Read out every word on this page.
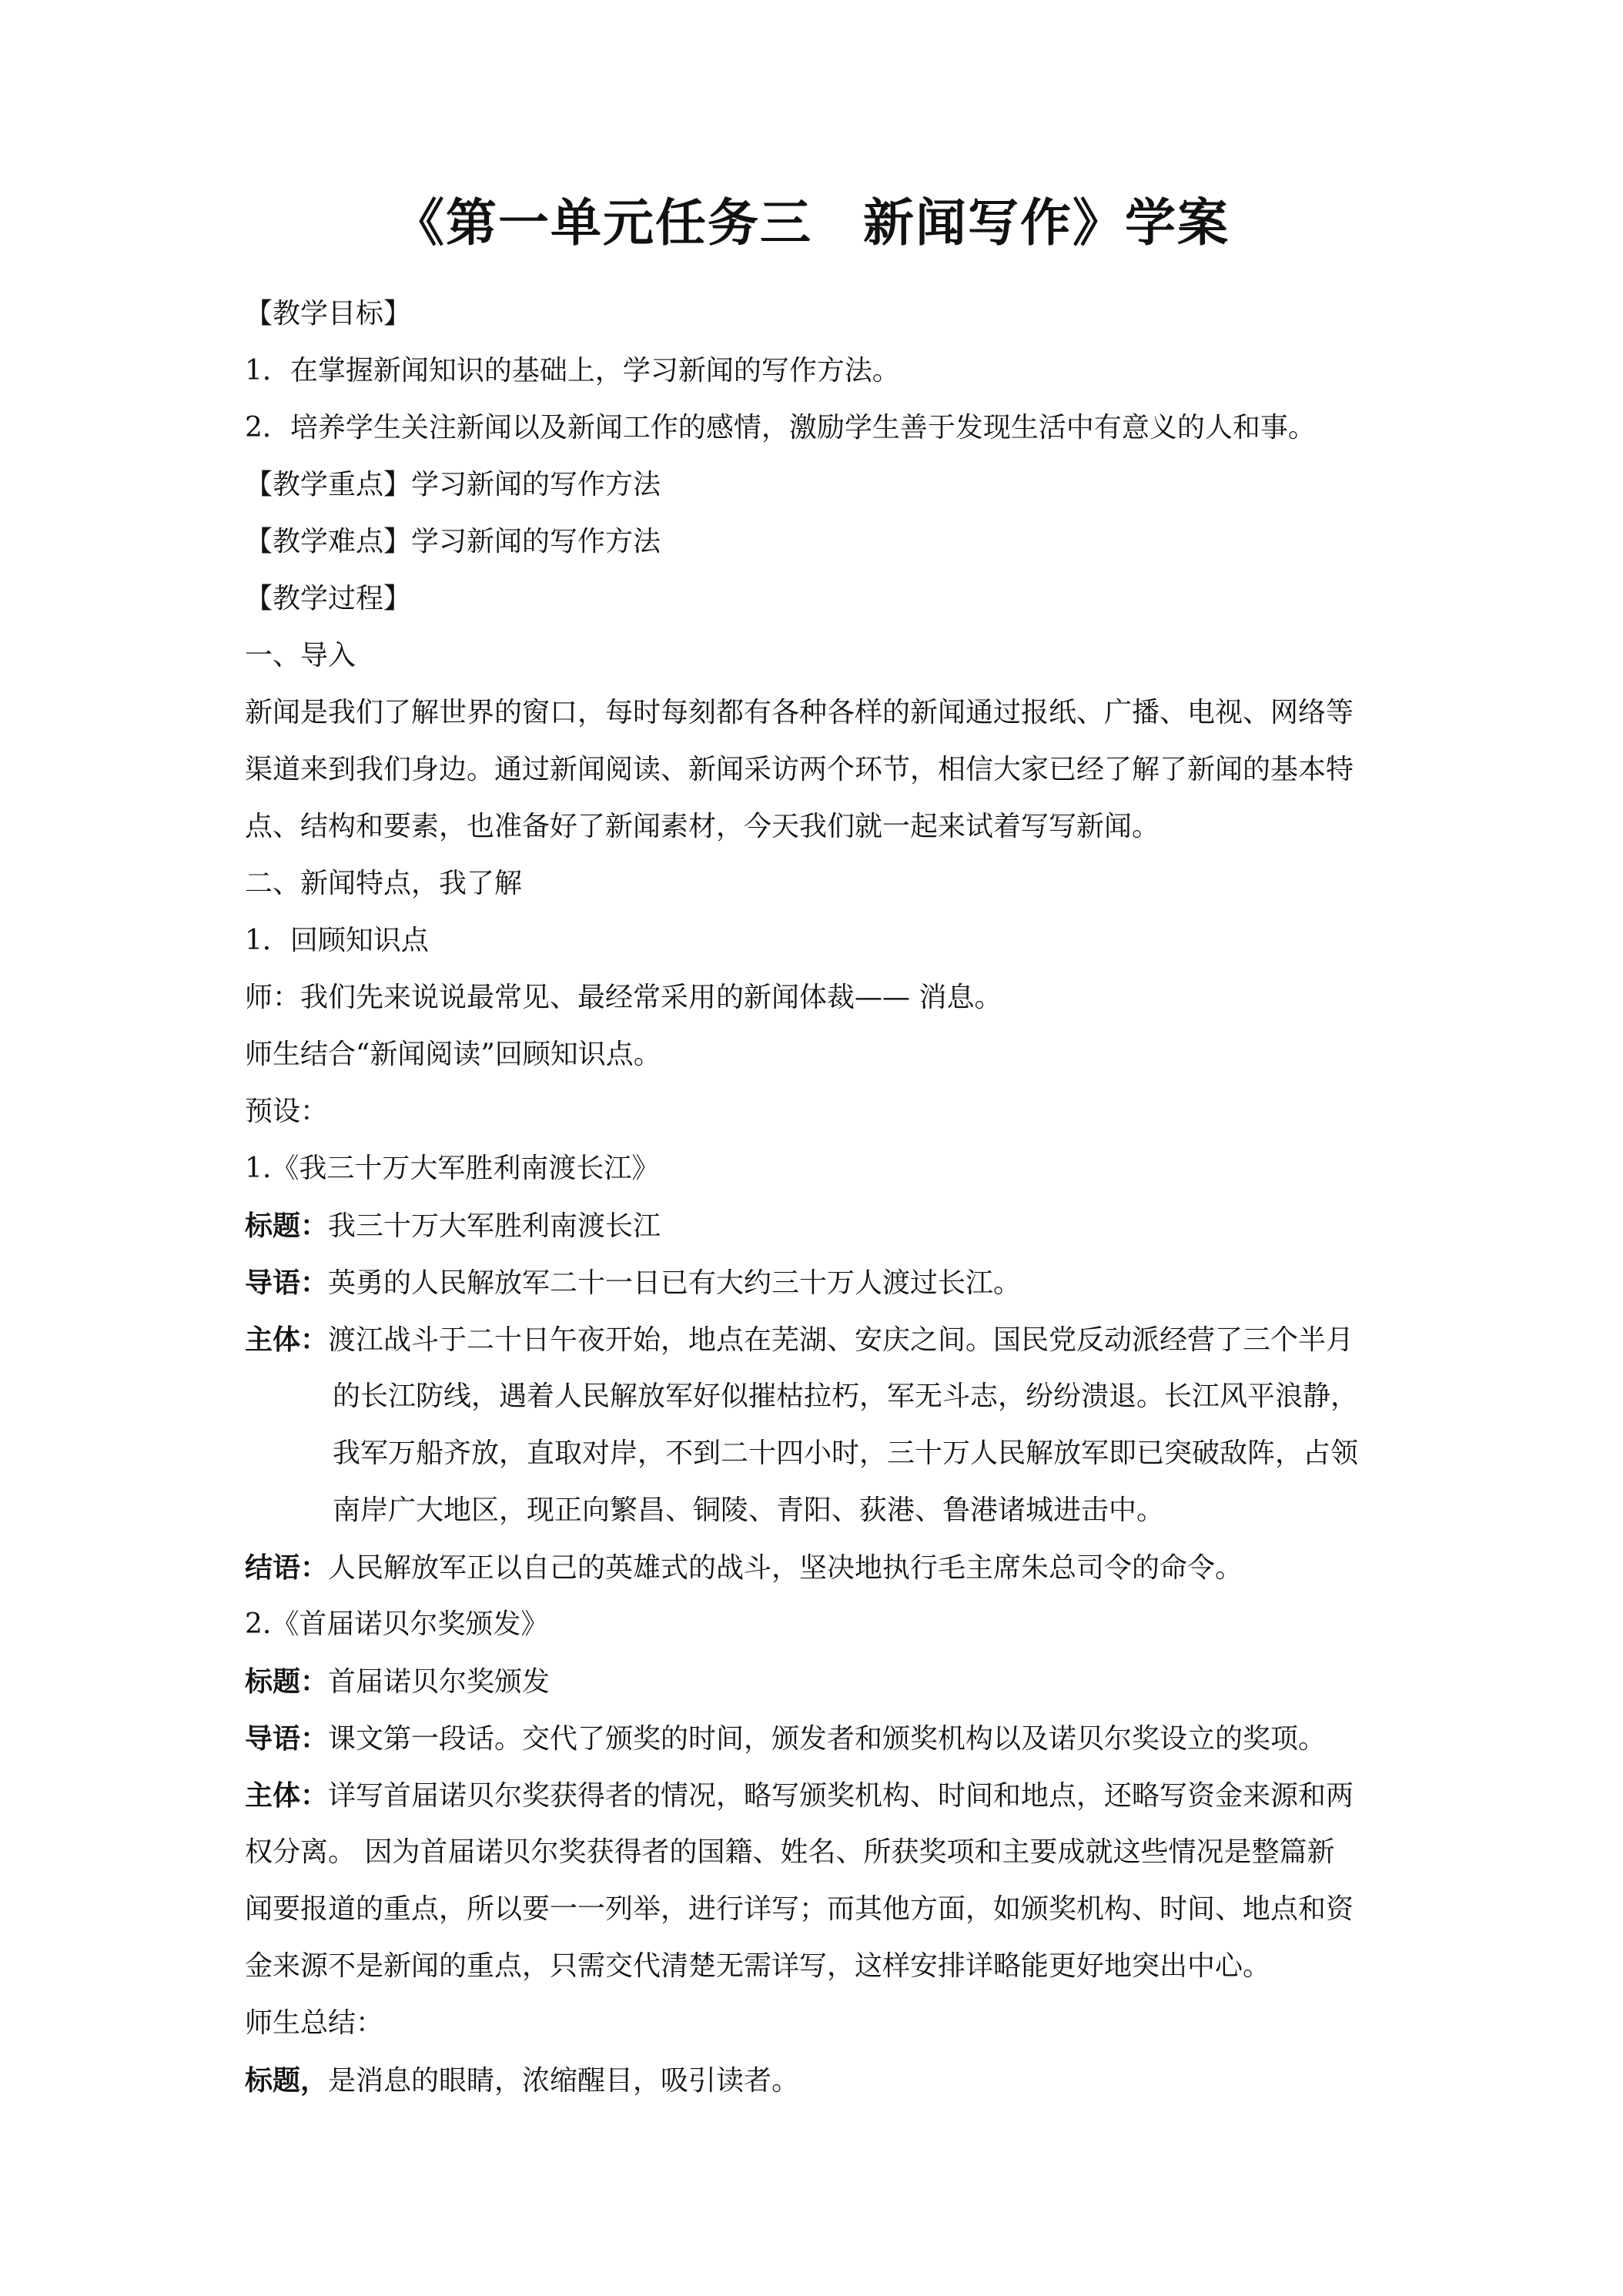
《第一单元任务三 新闻写作》学案
【教学目标】
1．在掌握新闻知识的基础上，学习新闻的写作方法。
2．培养学生关注新闻以及新闻工作的感情，激励学生善于发现生活中有意义的人和事。
【教学重点】学习新闻的写作方法
【教学难点】学习新闻的写作方法
【教学过程】
一、导入
新闻是我们了解世界的窗口，每时每刻都有各种各样的新闻通过报纸、广播、电视、网络等
渠道来到我们身边。通过新闻阅读、新闻采访两个环节，相信大家已经了解了新闻的基本特
点、结构和要素，也准备好了新闻素材，今天我们就一起来试着写写新闻。
二、新闻特点，我了解
1．回顾知识点
师：我们先来说说最常见、最经常采用的新闻体裁—— 消息。
师生结合“新闻阅读”回顾知识点。
预设：
1.《我三十万大军胜利南渡长江》
标题：我三十万大军胜利南渡长江
导语：英勇的人民解放军二十一日已有大约三十万人渡过长江。
主体：渡江战斗于二十日午夜开始，地点在芜湖、安庆之间。国民党反动派经营了三个半月
的长江防线，遇着人民解放军好似摧枯拉朽，军无斗志，纷纷溃退。长江风平浪静，
我军万船齐放，直取对岸，不到二十四小时，三十万人民解放军即已突破敌阵，占领
南岸广大地区，现正向繁昌、铜陵、青阳、荻港、鲁港诸城进击中。
结语：人民解放军正以自己的英雄式的战斗，坚决地执行毛主席朱总司令的命令。
2.《首届诺贝尔奖颁发》
标题：首届诺贝尔奖颁发
导语：课文第一段话。交代了颁奖的时间，颁发者和颁奖机构以及诺贝尔奖设立的奖项。
主体：详写首届诺贝尔奖获得者的情况，略写颁奖机构、时间和地点，还略写资金来源和两
权分离。 因为首届诺贝尔奖获得者的国籍、姓名、所获奖项和主要成就这些情况是整篇新
闻要报道的重点，所以要一一列举，进行详写；而其他方面，如颁奖机构、时间、地点和资
金来源不是新闻的重点，只需交代清楚无需详写，这样安排详略能更好地突出中心。
师生总结：
标题，是消息的眼睛，浓缩醒目，吸引读者。
